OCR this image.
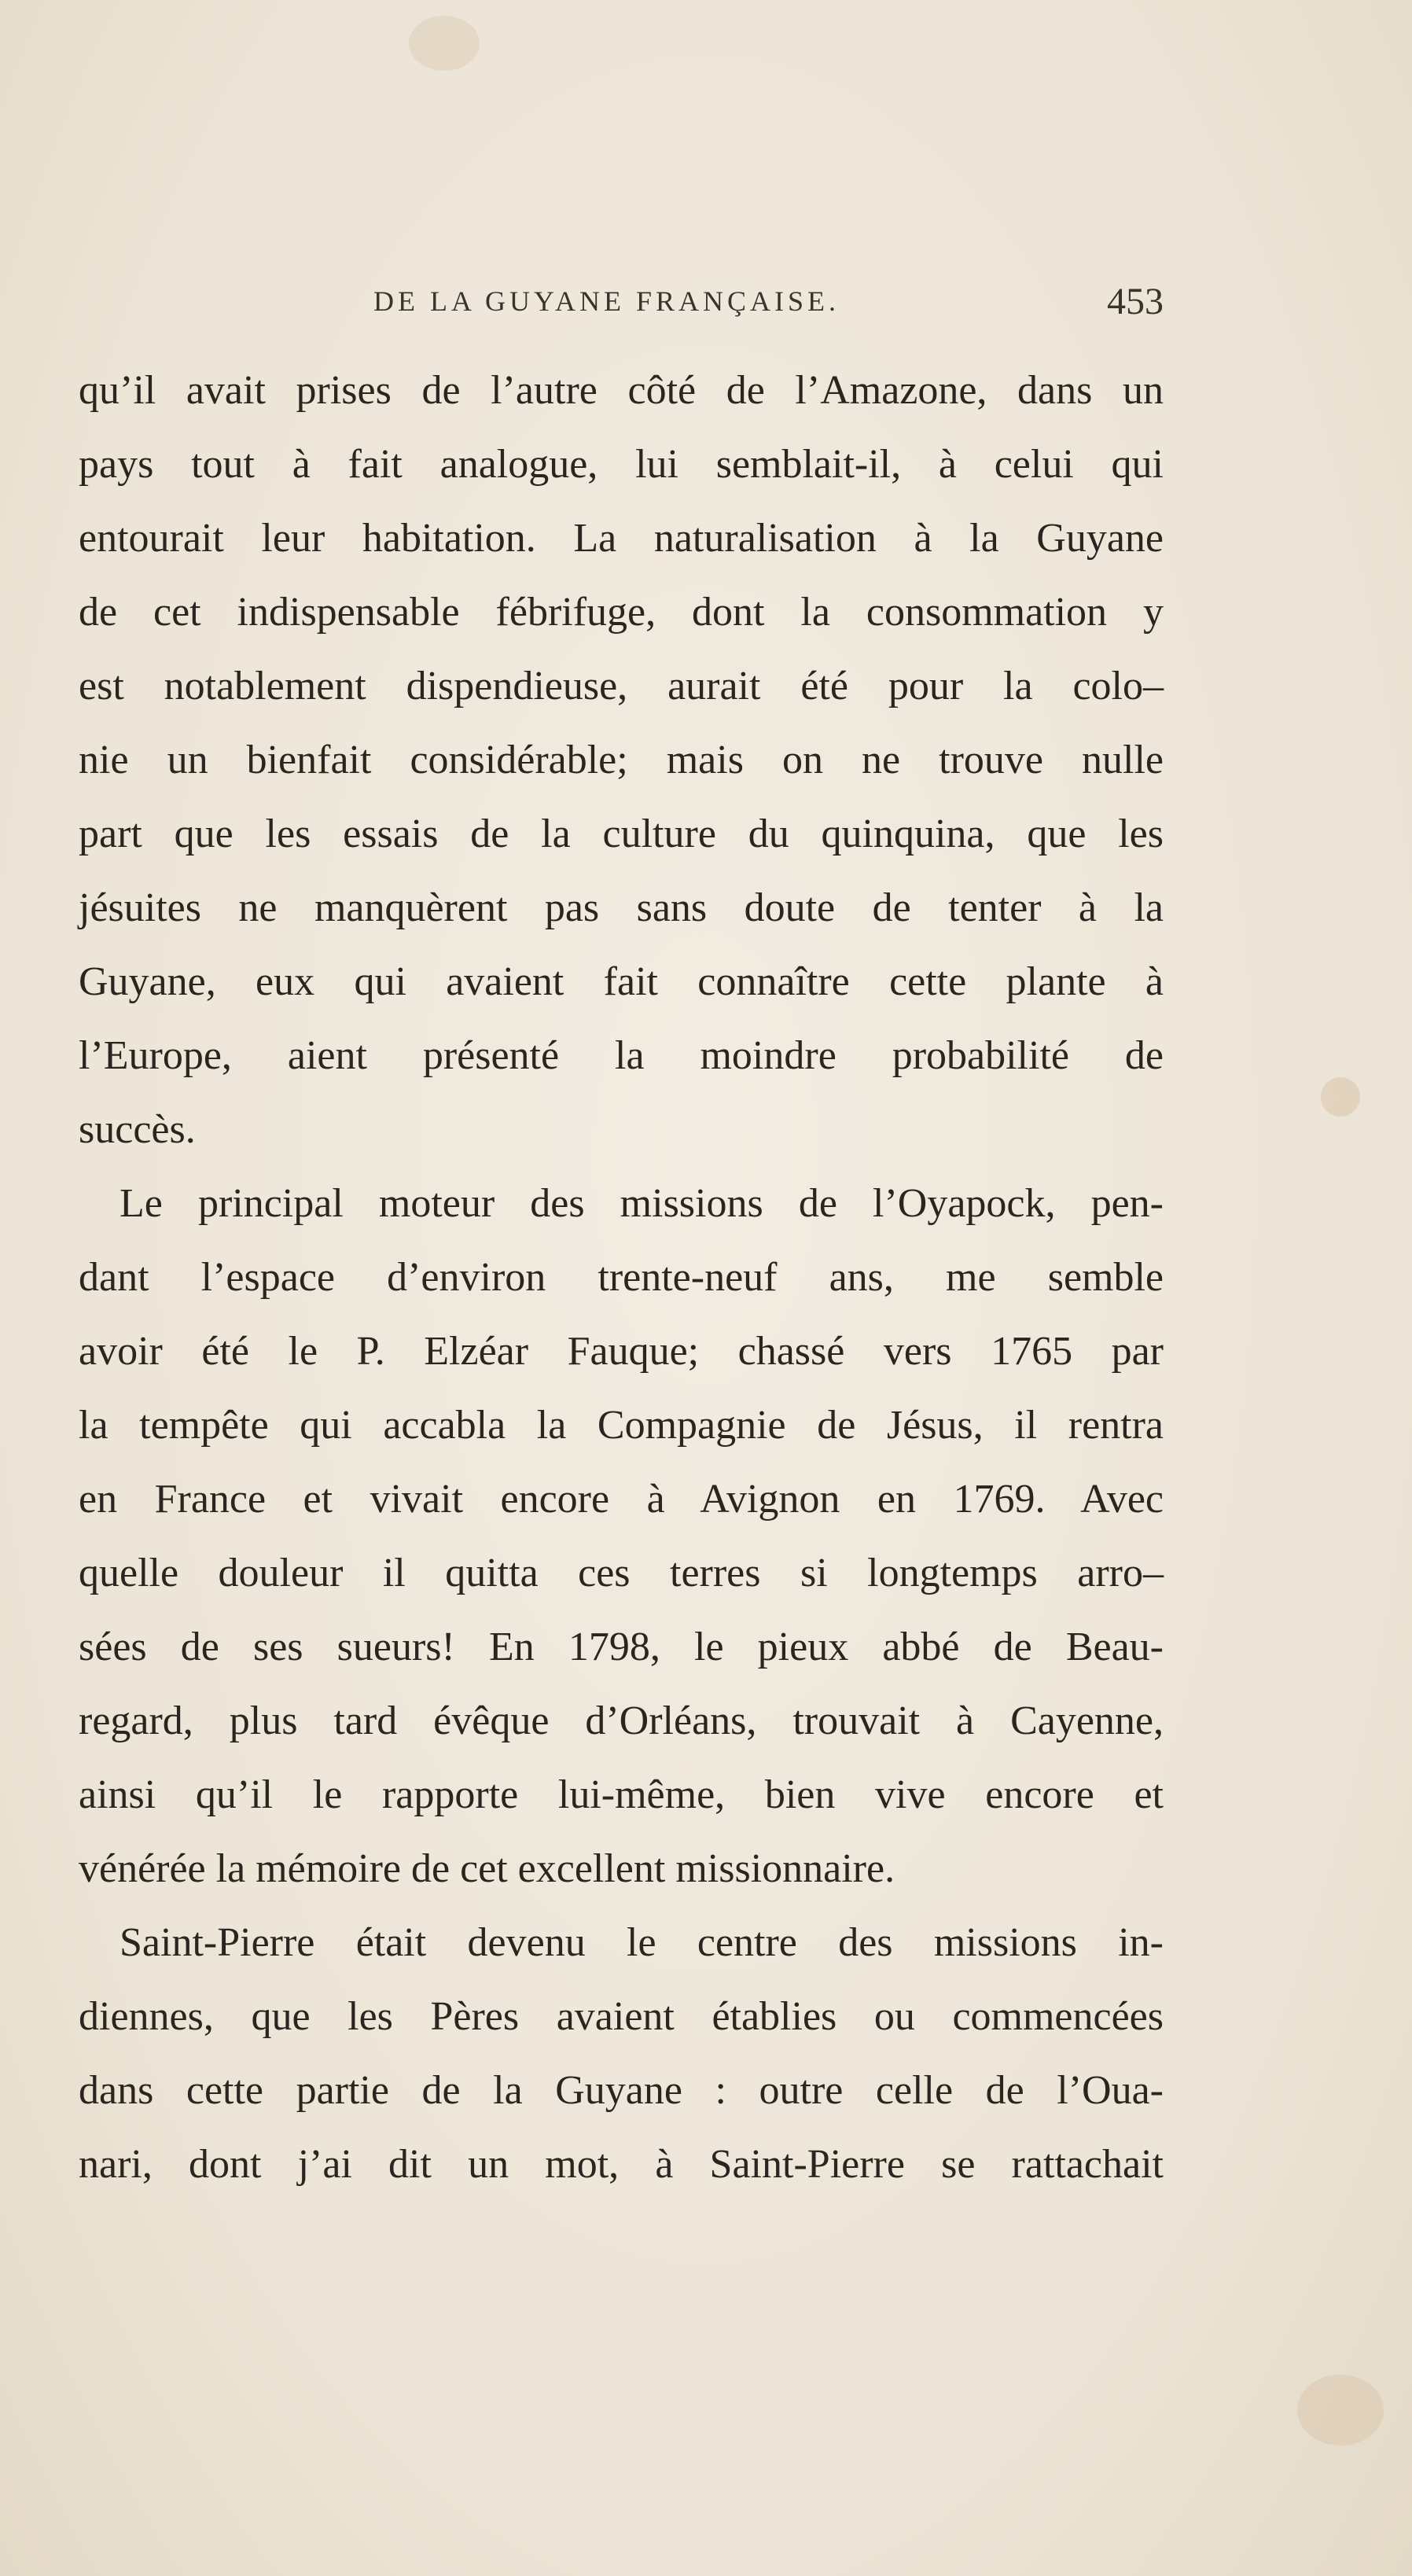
DE LA GUYANE FRANÇAISE.	453
qu’il avait prises de l’autre côté de l’Amazone, dans un
pays tout à fait analogue, lui semblait-il, à celui qui
entourait leur habitation. La naturalisation à la Guyane
de cet indispensable fébrifuge, dont la consommation y
est notablement dispendieuse, aurait été pour la colo–
nie un bienfait considérable; mais on ne trouve nulle
part que les essais de la culture du quinquina, que les
jésuites ne manquèrent pas sans doute de tenter à la
Guyane, eux qui avaient fait connaître cette plante à
l’Europe, aient présenté la moindre probabilité de
succès.
Le principal moteur des missions de l’Oyapock, pen-
dant l’espace d’environ trente-neuf ans, me semble
avoir été le P. Elzéar Fauque; chassé vers 1765 par
la tempête qui accabla la Compagnie de Jésus, il rentra
en France et vivait encore à Avignon en 1769. Avec
quelle douleur il quitta ces terres si longtemps arro–
sées de ses sueurs! En 1798, le pieux abbé de Beau-
regard, plus tard évêque d’Orléans, trouvait à Cayenne,
ainsi qu’il le rapporte lui-même, bien vive encore et
vénérée la mémoire de cet excellent missionnaire.
Saint-Pierre était devenu le centre des missions in-
diennes, que les Pères avaient établies ou commencées
dans cette partie de la Guyane : outre celle de l’Oua-
nari, dont j’ai dit un mot, à Saint-Pierre se rattachait
